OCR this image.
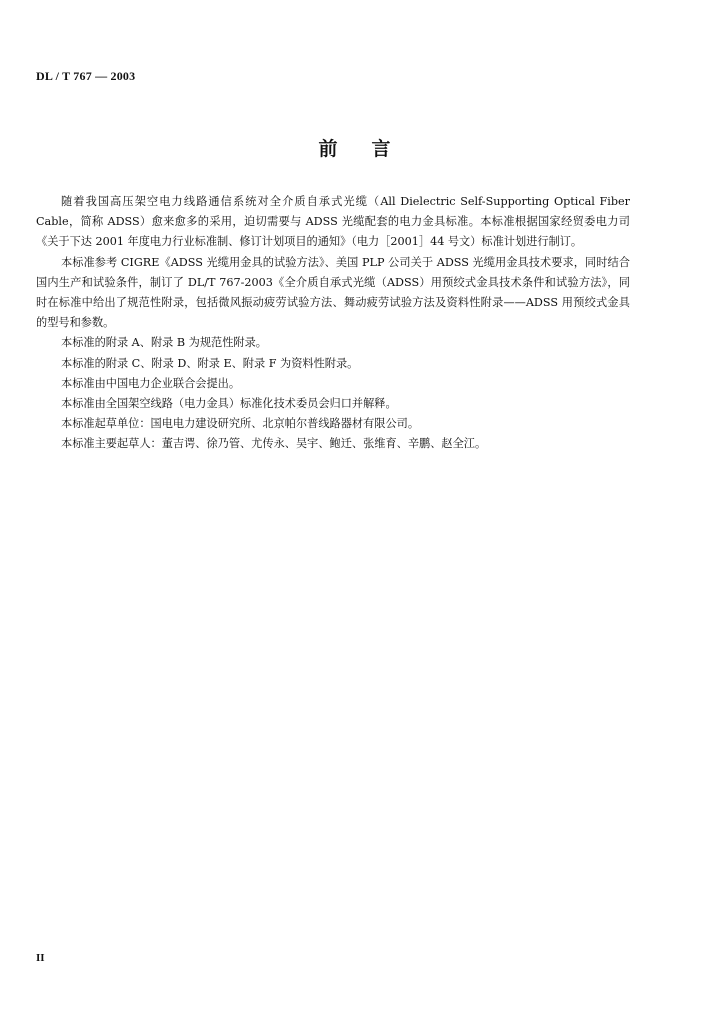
DL / T 767 — 2003
前言

随着我国高压架空电力线路通信系统对全介质自承式光缆（All Dielectric Self-Supporting Optical Fiber Cable，简称 ADSS）愈来愈多的采用，迫切需要与 ADSS 光缆配套的电力金具标准。本标准根据国家经贸委电力司《关于下达 2001 年度电力行业标准制、修订计划项目的通知》（电力［2001］44 号文）标准计划进行制订。

本标准参考 CIGRE《ADSS 光缆用金具的试验方法》、美国 PLP 公司关于 ADSS 光缆用金具技术要求，同时结合国内生产和试验条件，制订了 DL/T 767-2003《全介质自承式光缆（ADSS）用预绞式金具技术条件和试验方法》，同时在标准中给出了规范性附录，包括微风振动疲劳试验方法、舞动疲劳试验方法及资料性附录——ADSS 用预绞式金具的型号和参数。

本标准的附录 A、附录 B 为规范性附录。

本标准的附录 C、附录 D、附录 E、附录 F 为资料性附录。

本标准由中国电力企业联合会提出。

本标准由全国架空线路（电力金具）标准化技术委员会归口并解释。

本标准起草单位：国电电力建设研究所、北京帕尔普线路器材有限公司。

本标准主要起草人：董吉谔、徐乃管、尤传永、吴宇、鲍迁、张维育、辛鹏、赵全江。

II
